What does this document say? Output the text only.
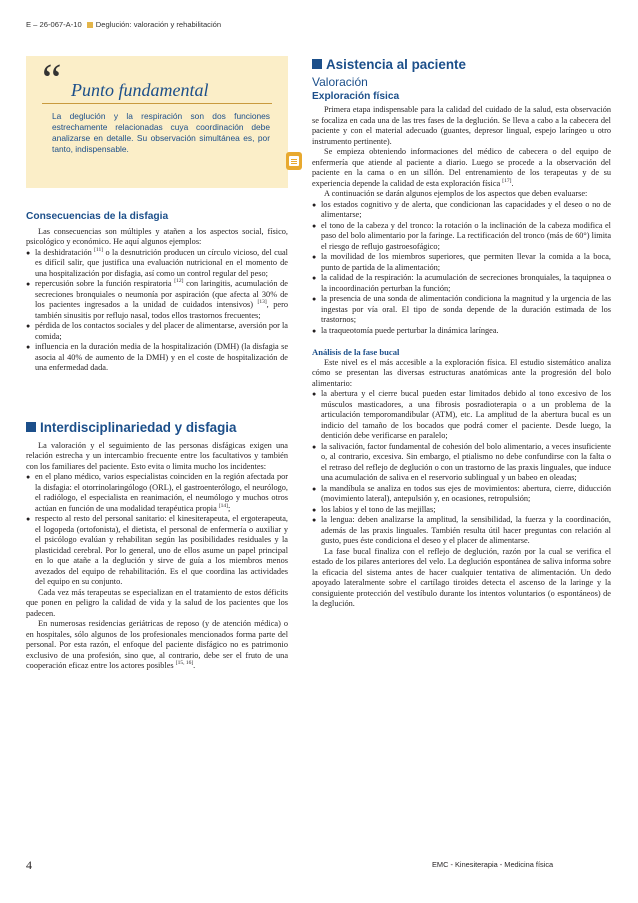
E – 26-067-A-10 Deglución: valoración y rehabilitación
“ Punto fundamental
La deglución y la respiración son dos funciones estrechamente relacionadas cuya coordinación debe analizarse en detalle. Su observación simultánea es, por tanto, indispensable.
Consecuencias de la disfagia

Las consecuencias son múltiples y atañen a los aspectos social, físico, psicológico y económico. He aquí algunos ejemplos:

● la deshidratación [11] o la desnutrición producen un círculo vicioso, del cual es difícil salir, que justifica una evaluación nutricional en el momento de una hospitalización por disfagia, así como un control regular del peso;
● repercusión sobre la función respiratoria [12] con laringitis, acumulación de secreciones bronquiales o neumonía por aspiración (que afecta al 30% de los pacientes ingresados a la unidad de cuidados intensivos) [13], pero también sinusitis por reflujo nasal, todos ellos trastornos frecuentes;
● pérdida de los contactos sociales y del placer de alimentarse, aversión por la comida;
● influencia en la duración media de la hospitalización (DMH) (la disfagia se asocia al 40% de aumento de la DMH) y en el coste de hospitalización de una enfermedad dada.
Interdisciplinariedad y disfagia

La valoración y el seguimiento de las personas disfágicas exigen una relación estrecha y un intercambio frecuente entre los facultativos y también con los familiares del paciente. Esto evita o limita mucho los incidentes:

● en el plano médico, varios especialistas coinciden en la región afectada por la disfagia: el otorrinolaringólogo (ORL), el gastroenterólogo, el neurólogo, el radiólogo, el especialista en reanimación, el neumólogo y muchos otros actúan en función de una modalidad terapéutica propia [14];
● respecto al resto del personal sanitario: el kinesiterapeuta, el ergoterapeuta, el logopeda (ortofonista), el dietista, el personal de enfermería o auxiliar y el psicólogo evalúan y rehabilitan según las posibilidades residuales y la plasticidad cerebral. Por lo general, uno de ellos asume un papel principal en lo que atañe a la deglución y sirve de guía a los miembros menos avezados del equipo de rehabilitación. Es el que coordina las actividades del equipo en su conjunto.

Cada vez más terapeutas se especializan en el tratamiento de estos déficits que ponen en peligro la calidad de vida y la salud de los pacientes que los padecen.

En numerosas residencias geriátricas de reposo (y de atención médica) o en hospitales, sólo algunos de los profesionales mencionados forma parte del personal. Por esta razón, el enfoque del paciente disfágico no es patrimonio exclusivo de una profesión, sino que, al contrario, debe ser el fruto de una cooperación eficaz entre los actores posibles [15, 16].

Asistencia al paciente
Valoración
Exploración física

Primera etapa indispensable para la calidad del cuidado de la salud, esta observación se focaliza en cada una de las tres fases de la deglución. Se lleva a cabo a la cabecera del paciente y con el material adecuado (guantes, depresor lingual, espejo laríngeo u otro instrumento pertinente).

Se empieza obteniendo informaciones del médico de cabecera o del equipo de enfermería que atiende al paciente a diario. Luego se procede a la observación del paciente en la cama o en un sillón. Del entrenamiento de los terapeutas y de su experiencia depende la calidad de esta exploración física [17].

A continuación se darán algunos ejemplos de los aspectos que deben evaluarse:

● los estados cognitivo y de alerta, que condicionan las capacidades y el deseo o no de alimentarse;
● el tono de la cabeza y del tronco: la rotación o la inclinación de la cabeza modifica el paso del bolo alimentario por la faringe. La rectificación del tronco (más de 60°) limita el riesgo de reflujo gastroesofágico;
● la movilidad de los miembros superiores, que permiten llevar la comida a la boca, punto de partida de la alimentación;
● la calidad de la respiración: la acumulación de secreciones bronquiales, la taquipnea o la incoordinación perturban la función;
● la presencia de una sonda de alimentación condiciona la magnitud y la urgencia de las ingestas por vía oral. El tipo de sonda depende de la duración estimada de los trastornos;
● la traqueotomía puede perturbar la dinámica laríngea.
Análisis de la fase bucal

Este nivel es el más accesible a la exploración física. El estudio sistemático analiza cómo se presentan las diversas estructuras anatómicas ante la progresión del bolo alimentario:

● la abertura y el cierre bucal pueden estar limitados debido al tono excesivo de los músculos masticadores, a una fibrosis posradioterapia o a un problema de la articulación temporomandibular (ATM), etc. La amplitud de la abertura bucal es un indicio del tamaño de los bocados que podrá comer el paciente. Desde luego, la dentición debe verificarse en paralelo;
● la salivación, factor fundamental de cohesión del bolo alimentario, a veces insuficiente o, al contrario, excesiva. Sin embargo, el ptialismo no debe confundirse con la falta o el retraso del reflejo de deglución o con un trastorno de las praxis linguales, que induce una acumulación de saliva en el reservorio sublingual y un babeo en oleadas;
● la mandíbula se analiza en todos sus ejes de movimientos: abertura, cierre, diducción (movimiento lateral), antepulsión y, en ocasiones, retropulsión;
● los labios y el tono de las mejillas;
● la lengua: deben analizarse la amplitud, la sensibilidad, la fuerza y la coordinación, además de las praxis linguales. También resulta útil hacer preguntas con relación al gusto, pues éste condiciona el deseo y el placer de alimentarse.

La fase bucal finaliza con el reflejo de deglución, razón por la cual se verifica el estado de los pilares anteriores del velo. La deglución espontánea de saliva informa sobre la eficacia del sistema antes de hacer cualquier tentativa de alimentación. Un dedo apoyado lateralmente sobre el cartílago tiroides detecta el ascenso de la laringe y la consiguiente protección del vestíbulo durante los intentos voluntarios (o espontáneos) de la deglución.

4	EMC - Kinesiterapia - Medicina física
